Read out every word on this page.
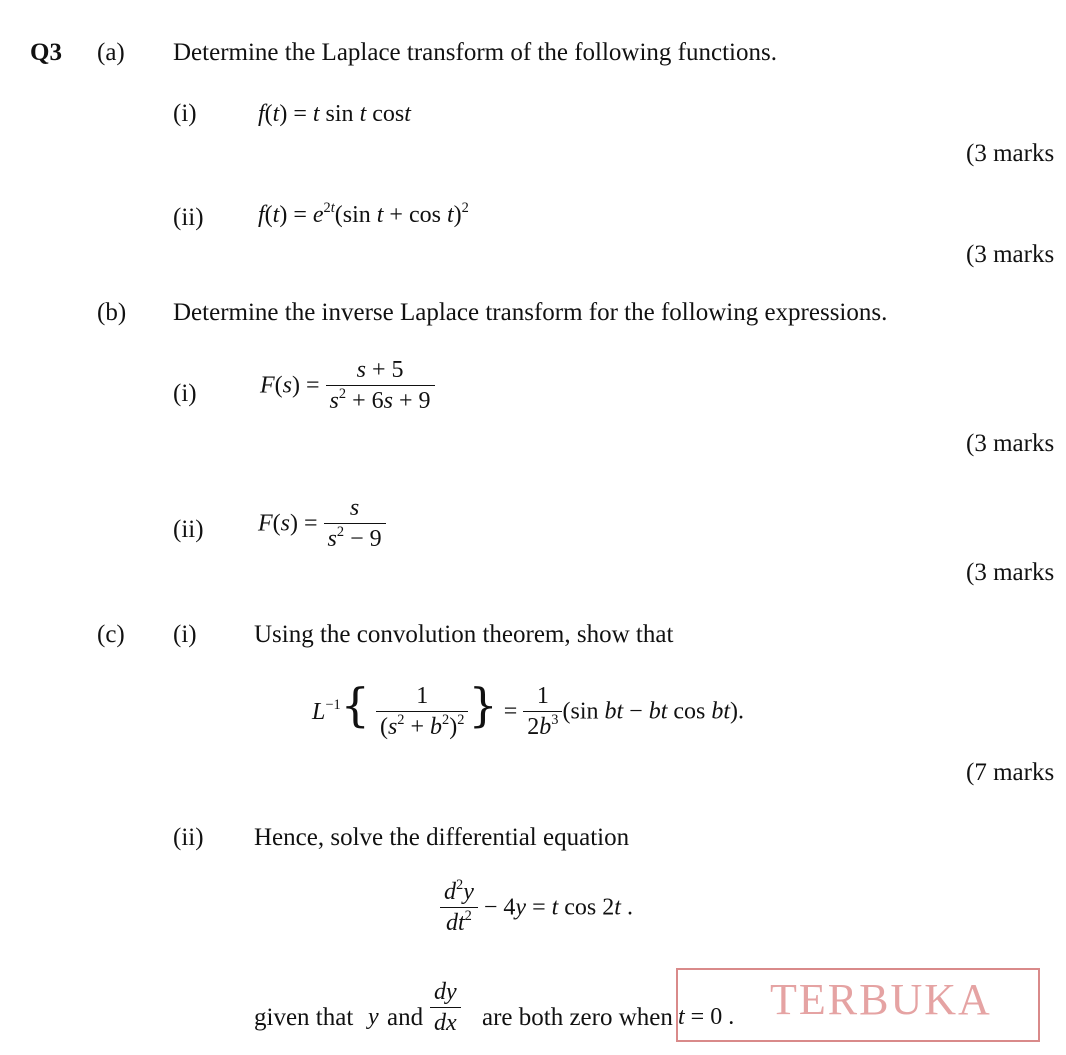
Q3 (a) Determine the Laplace transform of the following functions.
(i)	f(t) = t sin t cost
(3 marks
(ii) $f(t) = e^{2t}(\sin$ t + cos t)$^2$
(3 marks
(b) Determine the inverse Laplace transform for the following expressions.
(i)	$F(s) = \frac{s + 5}{s^2 + 6s + 9}$
(3 marks
(ii) $F(s) = \frac{s}{s^2 - 9}$
(3 marks
(c) (i) Using the convolution theorem, show that
$L^{-1}\{ \frac{1}{(s^2 + b^2)^2}$ } = $\frac{1}{2b^3} (\sin$ bt − bt cos bt).
(7 marks
(ii) Hence, solve the differential equation
$\frac{d^2y}{dt^2} - 4y = t$ cos 2t .
given that y and $\frac{dy}{dx}$ are both zero when t = 0 . TERBUKA
